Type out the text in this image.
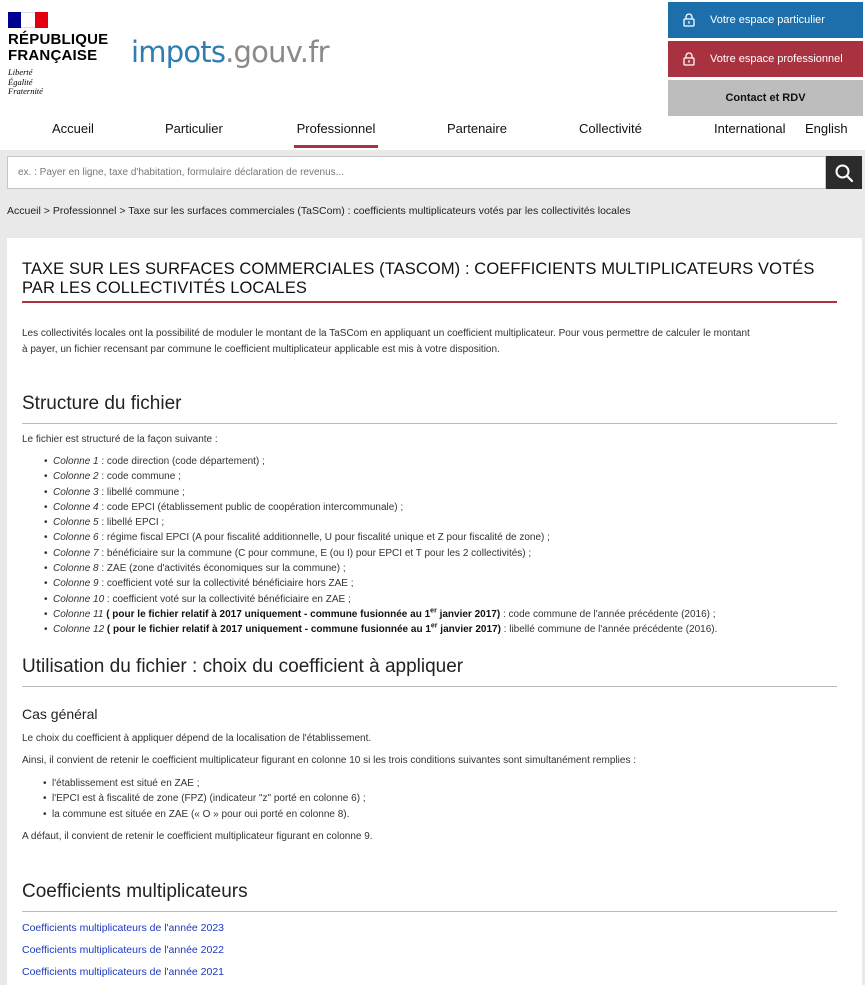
RÉPUBLIQUE
FRANÇAISE
Liberté
Égalité
Fraternité
impots.gouv.fr
Votre espace particulier
Votre espace professionnel
Contact et RDV
Accueil	Particulier	Professionnel	Partenaire	Collectivité	International English
ex. : Payer en ligne, taxe d'habitation, formulaire déclaration de revenus...
Accueil > Professionnel > Taxe sur les surfaces commerciales (TaSCom) : coefficients multiplicateurs votés par les collectivités locales
TAXE SUR LES SURFACES COMMERCIALES (TASCOM) : COEFFICIENTS MULTIPLICATEURS VOTÉS
PAR LES COLLECTIVITÉS LOCALES
Les collectivités locales ont la possibilité de moduler le montant de la TaSCom en appliquant un coefficient multiplicateur. Pour vous permettre de calculer le montant
à payer, un fichier recensant par commune le coefficient multiplicateur applicable est mis à votre disposition.
Structure du fichier
Le fichier est structuré de la façon suivante :
• Colonne 1 : code direction (code département) ;
• Colonne 2 : code commune ;
• Colonne 3 : libellé commune ;
• Colonne 4 : code EPCI (établissement public de coopération intercommunale) ;
• Colonne 5 : libellé EPCI ;
• Colonne 6 : régime fiscal EPCI (A pour fiscalité additionnelle, U pour fiscalité unique et Z pour fiscalité de zone) ;
• Colonne 7 : bénéficiaire sur la commune (C pour commune, E (ou I) pour EPCI et T pour les 2 collectivités) ;
• Colonne 8 : ZAE (zone d'activités économiques sur la commune) ;
• Colonne 9 : coefficient voté sur la collectivité bénéficiaire hors ZAE ;
• Colonne 10 : coefficient voté sur la collectivité bénéficiaire en ZAE ;
• Colonne 11 ( pour le fichier relatif à 2017 uniquement - commune fusionnée au 1er janvier 2017) : code commune de l'année précédente (2016) ;
• Colonne 12 ( pour le fichier relatif à 2017 uniquement - commune fusionnée au 1er janvier 2017) : libellé commune de l'année précédente (2016).
Utilisation du fichier : choix du coefficient à appliquer
Cas général
Le choix du coefficient à appliquer dépend de la localisation de l'établissement.
Ainsi, il convient de retenir le coefficient multiplicateur figurant en colonne 10 si les trois conditions suivantes sont simultanément remplies :
• l'établissement est situé en ZAE ;
• l'EPCI est à fiscalité de zone (FPZ) (indicateur "z" porté en colonne 6) ;
• la commune est située en ZAE (« O » pour oui porté en colonne 8).
A défaut, il convient de retenir le coefficient multiplicateur figurant en colonne 9.
Coefficients multiplicateurs
Coefficients multiplicateurs de l'année 2023
Coefficients multiplicateurs de l'année 2022
Coefficients multiplicateurs de l'année 2021
